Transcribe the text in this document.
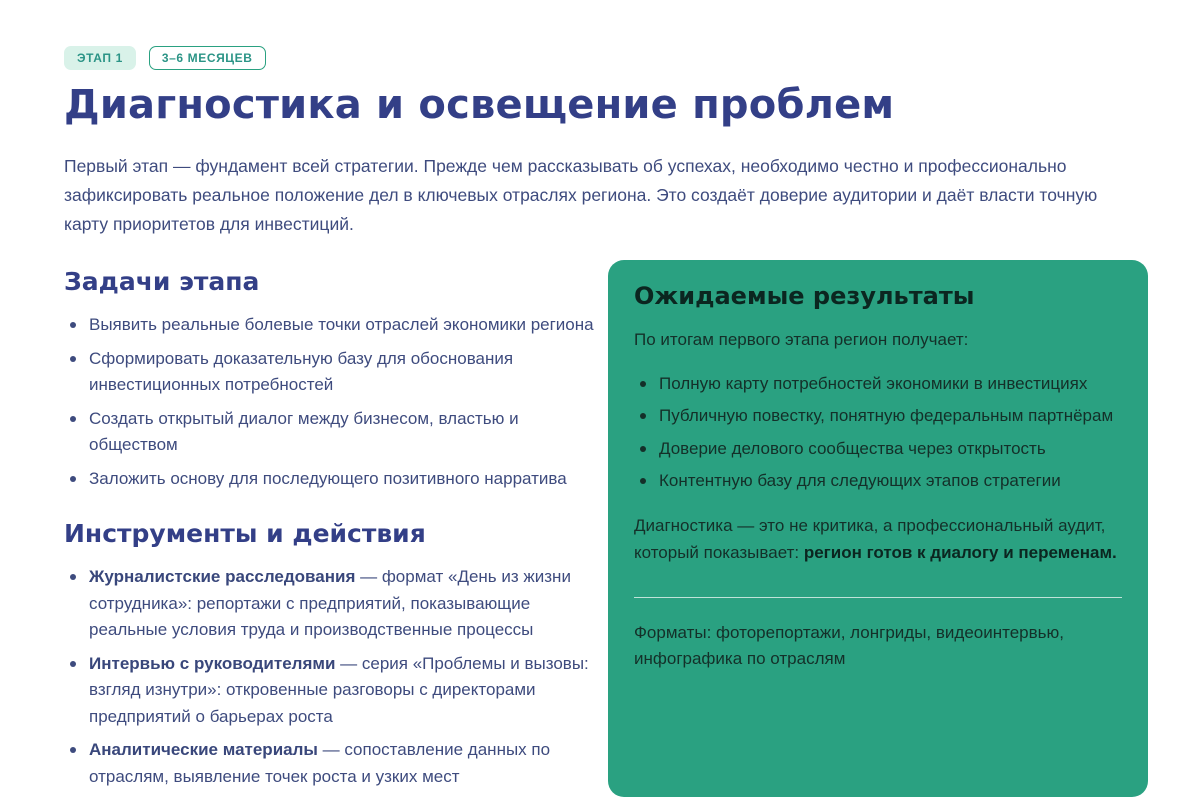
ЭТАП 1	3–6 МЕСЯЦЕВ
Диагностика и освещение проблем

Первый этап — фундамент всей стратегии. Прежде чем рассказывать об успехах, необходимо честно и профессионально зафиксировать реальное положение дел в ключевых отраслях региона. Это создаёт доверие аудитории и даёт власти точную карту приоритетов для инвестиций.

Задачи этапа
Выявить реальные болевые точки отраслей экономики региона
Сформировать доказательную базу для обоснования инвестиционных потребностей
Создать открытый диалог между бизнесом, властью и обществом
Заложить основу для последующего позитивного нарратива
Инструменты и действия
Журналистские расследования — формат «День из жизни сотрудника»: репортажи с предприятий, показывающие реальные условия труда и производственные процессы
Интервью с руководителями — серия «Проблемы и вызовы: взгляд изнутри»: откровенные разговоры с директорами предприятий о барьерах роста
Аналитические материалы — сопоставление данных по отраслям, выявление точек роста и узких мест
Ожидаемые результаты

По итогам первого этапа регион получает:

Полную карту потребностей экономики в инвестициях
Публичную повестку, понятную федеральным партнёрам
Доверие делового сообщества через открытость
Контентную базу для следующих этапов стратегии

Диагностика — это не критика, а профессиональный аудит, который показывает: регион готов к диалогу и переменам.

Форматы: фоторепортажи, лонгриды, видеоинтервью, инфографика по отраслям
